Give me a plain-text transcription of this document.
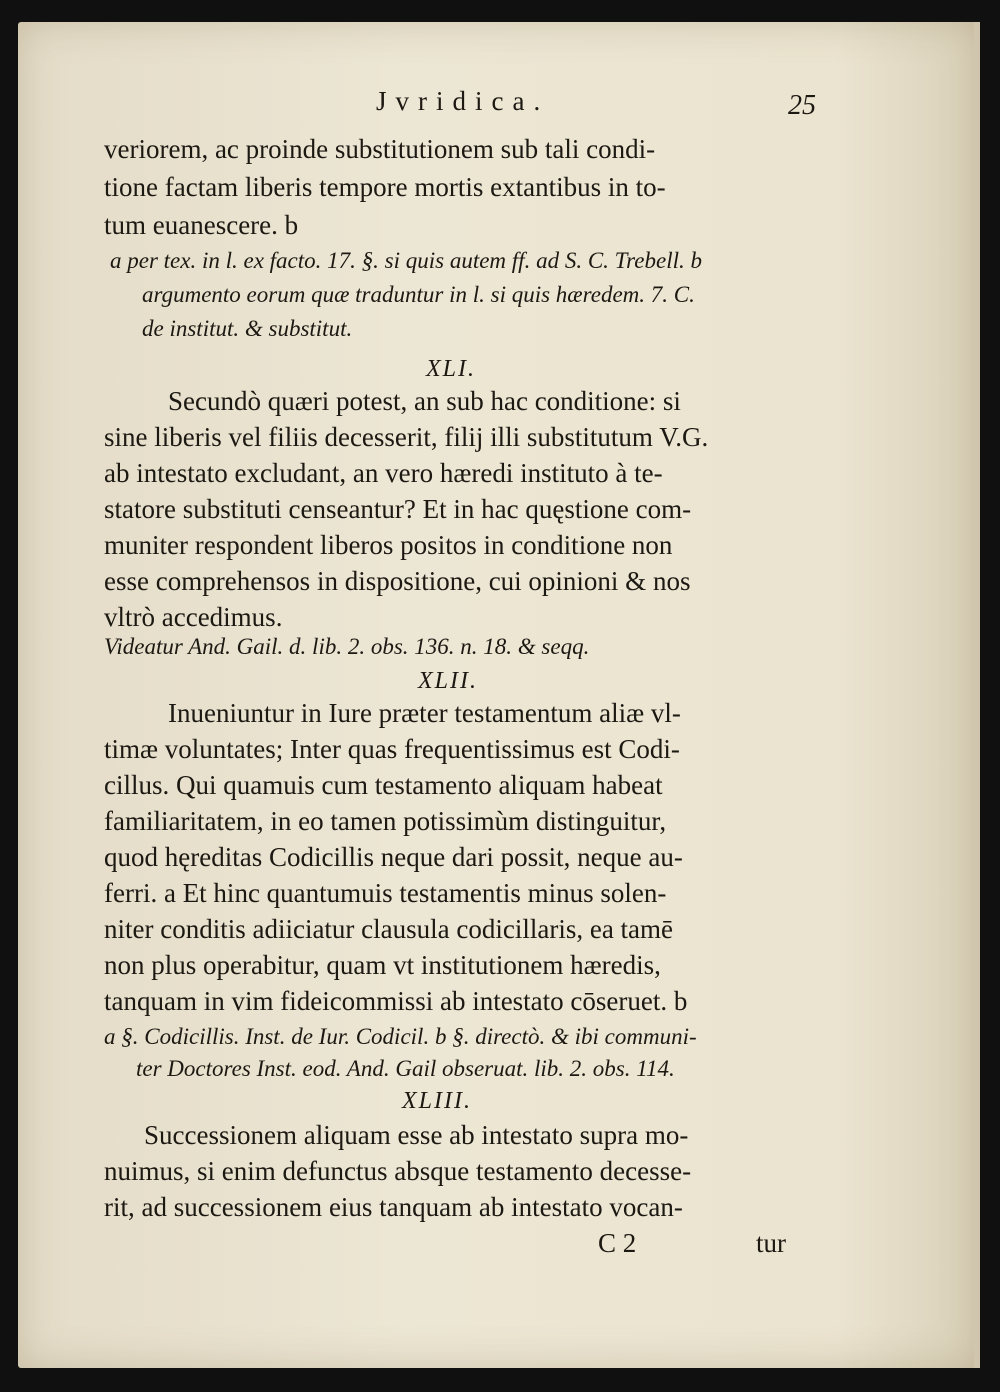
Jvridica.	25
veriorem, ac proinde substitutionem sub tali condi-
tione factam liberis tempore mortis extantibus in to-
tum euanescere. b
a per tex. in l. ex facto. 17. §. si quis autem ff. ad S. C. Trebell. b
argumento eorum quæ traduntur in l. si quis hæredem. 7. C.
de institut. & substitut.
XLI.
Secundò quæri potest, an sub hac conditione: si
sine liberis vel filiis decesserit, filij illi substitutum V.G.
ab intestato excludant, an vero hæredi instituto à te-
statore substituti censeantur? Et in hac quęstione com-
muniter respondent liberos positos in conditione non
esse comprehensos in dispositione, cui opinioni & nos
vltrò accedimus.
Videatur And. Gail. d. lib. 2. obs. 136. n. 18. & seqq.
XLII.
Inueniuntur in Iure præter testamentum aliæ vl-
timæ voluntates; Inter quas frequentissimus est Codi-
cillus. Qui quamuis cum testamento aliquam habeat
familiaritatem, in eo tamen potissimùm distinguitur,
quod hęreditas Codicillis neque dari possit, neque au-
ferri. a Et hinc quantumuis testamentis minus solen-
niter conditis adiiciatur clausula codicillaris, ea tamē
non plus operabitur, quam vt institutionem hæredis,
tanquam in vim fideicommissi ab intestato cōseruet. b
a §. Codicillis. Inst. de Iur. Codicil. b §. directò. & ibi communi-
ter Doctores Inst. eod. And. Gail obseruat. lib. 2. obs. 114.
XLIII.
Successionem aliquam esse ab intestato supra mo-
nuimus, si enim defunctus absque testamento decesse-
rit, ad successionem eius tanquam ab intestato vocan-
C 2	tur
